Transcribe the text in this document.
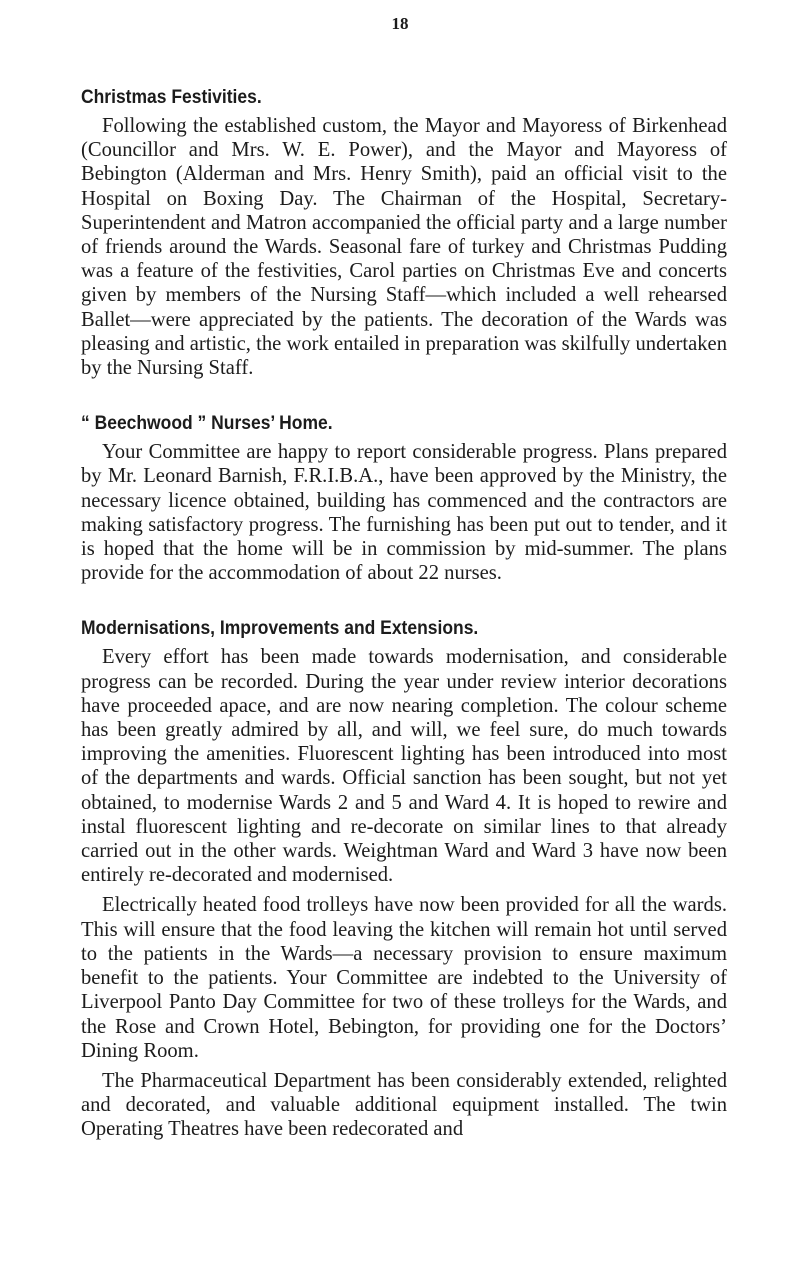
18
Christmas Festivities.

Following the established custom, the Mayor and Mayoress of Birkenhead (Councillor and Mrs. W. E. Power), and the Mayor and Mayoress of Bebington (Alderman and Mrs. Henry Smith), paid an official visit to the Hospital on Boxing Day. The Chairman of the Hospital, Secretary-Superintendent and Matron accompanied the official party and a large number of friends around the Wards. Seasonal fare of turkey and Christmas Pudding was a feature of the festivities, Carol parties on Christmas Eve and concerts given by members of the Nursing Staff—which included a well rehearsed Ballet—were appreciated by the patients. The decoration of the Wards was pleasing and artistic, the work entailed in preparation was skilfully undertaken by the Nursing Staff.

“ Beechwood ” Nurses’ Home.

Your Committee are happy to report considerable progress. Plans prepared by Mr. Leonard Barnish, F.R.I.B.A., have been approved by the Ministry, the necessary licence obtained, building has commenced and the contractors are making satisfactory progress. The furnishing has been put out to tender, and it is hoped that the home will be in commission by mid-summer. The plans provide for the accommodation of about 22 nurses.

Modernisations, Improvements and Extensions.

Every effort has been made towards modernisation, and considerable progress can be recorded. During the year under review interior decorations have proceeded apace, and are now nearing completion. The colour scheme has been greatly admired by all, and will, we feel sure, do much towards improving the amenities. Fluorescent lighting has been introduced into most of the departments and wards. Official sanction has been sought, but not yet obtained, to modernise Wards 2 and 5 and Ward 4. It is hoped to rewire and instal fluorescent lighting and re-decorate on similar lines to that already carried out in the other wards. Weightman Ward and Ward 3 have now been entirely re-decorated and modernised.

Electrically heated food trolleys have now been provided for all the wards. This will ensure that the food leaving the kitchen will remain hot until served to the patients in the Wards—a necessary provision to ensure maximum benefit to the patients. Your Committee are indebted to the University of Liverpool Panto Day Committee for two of these trolleys for the Wards, and the Rose and Crown Hotel, Bebington, for providing one for the Doctors’ Dining Room.

The Pharmaceutical Department has been considerably extended, relighted and decorated, and valuable additional equipment installed. The twin Operating Theatres have been redecorated and
